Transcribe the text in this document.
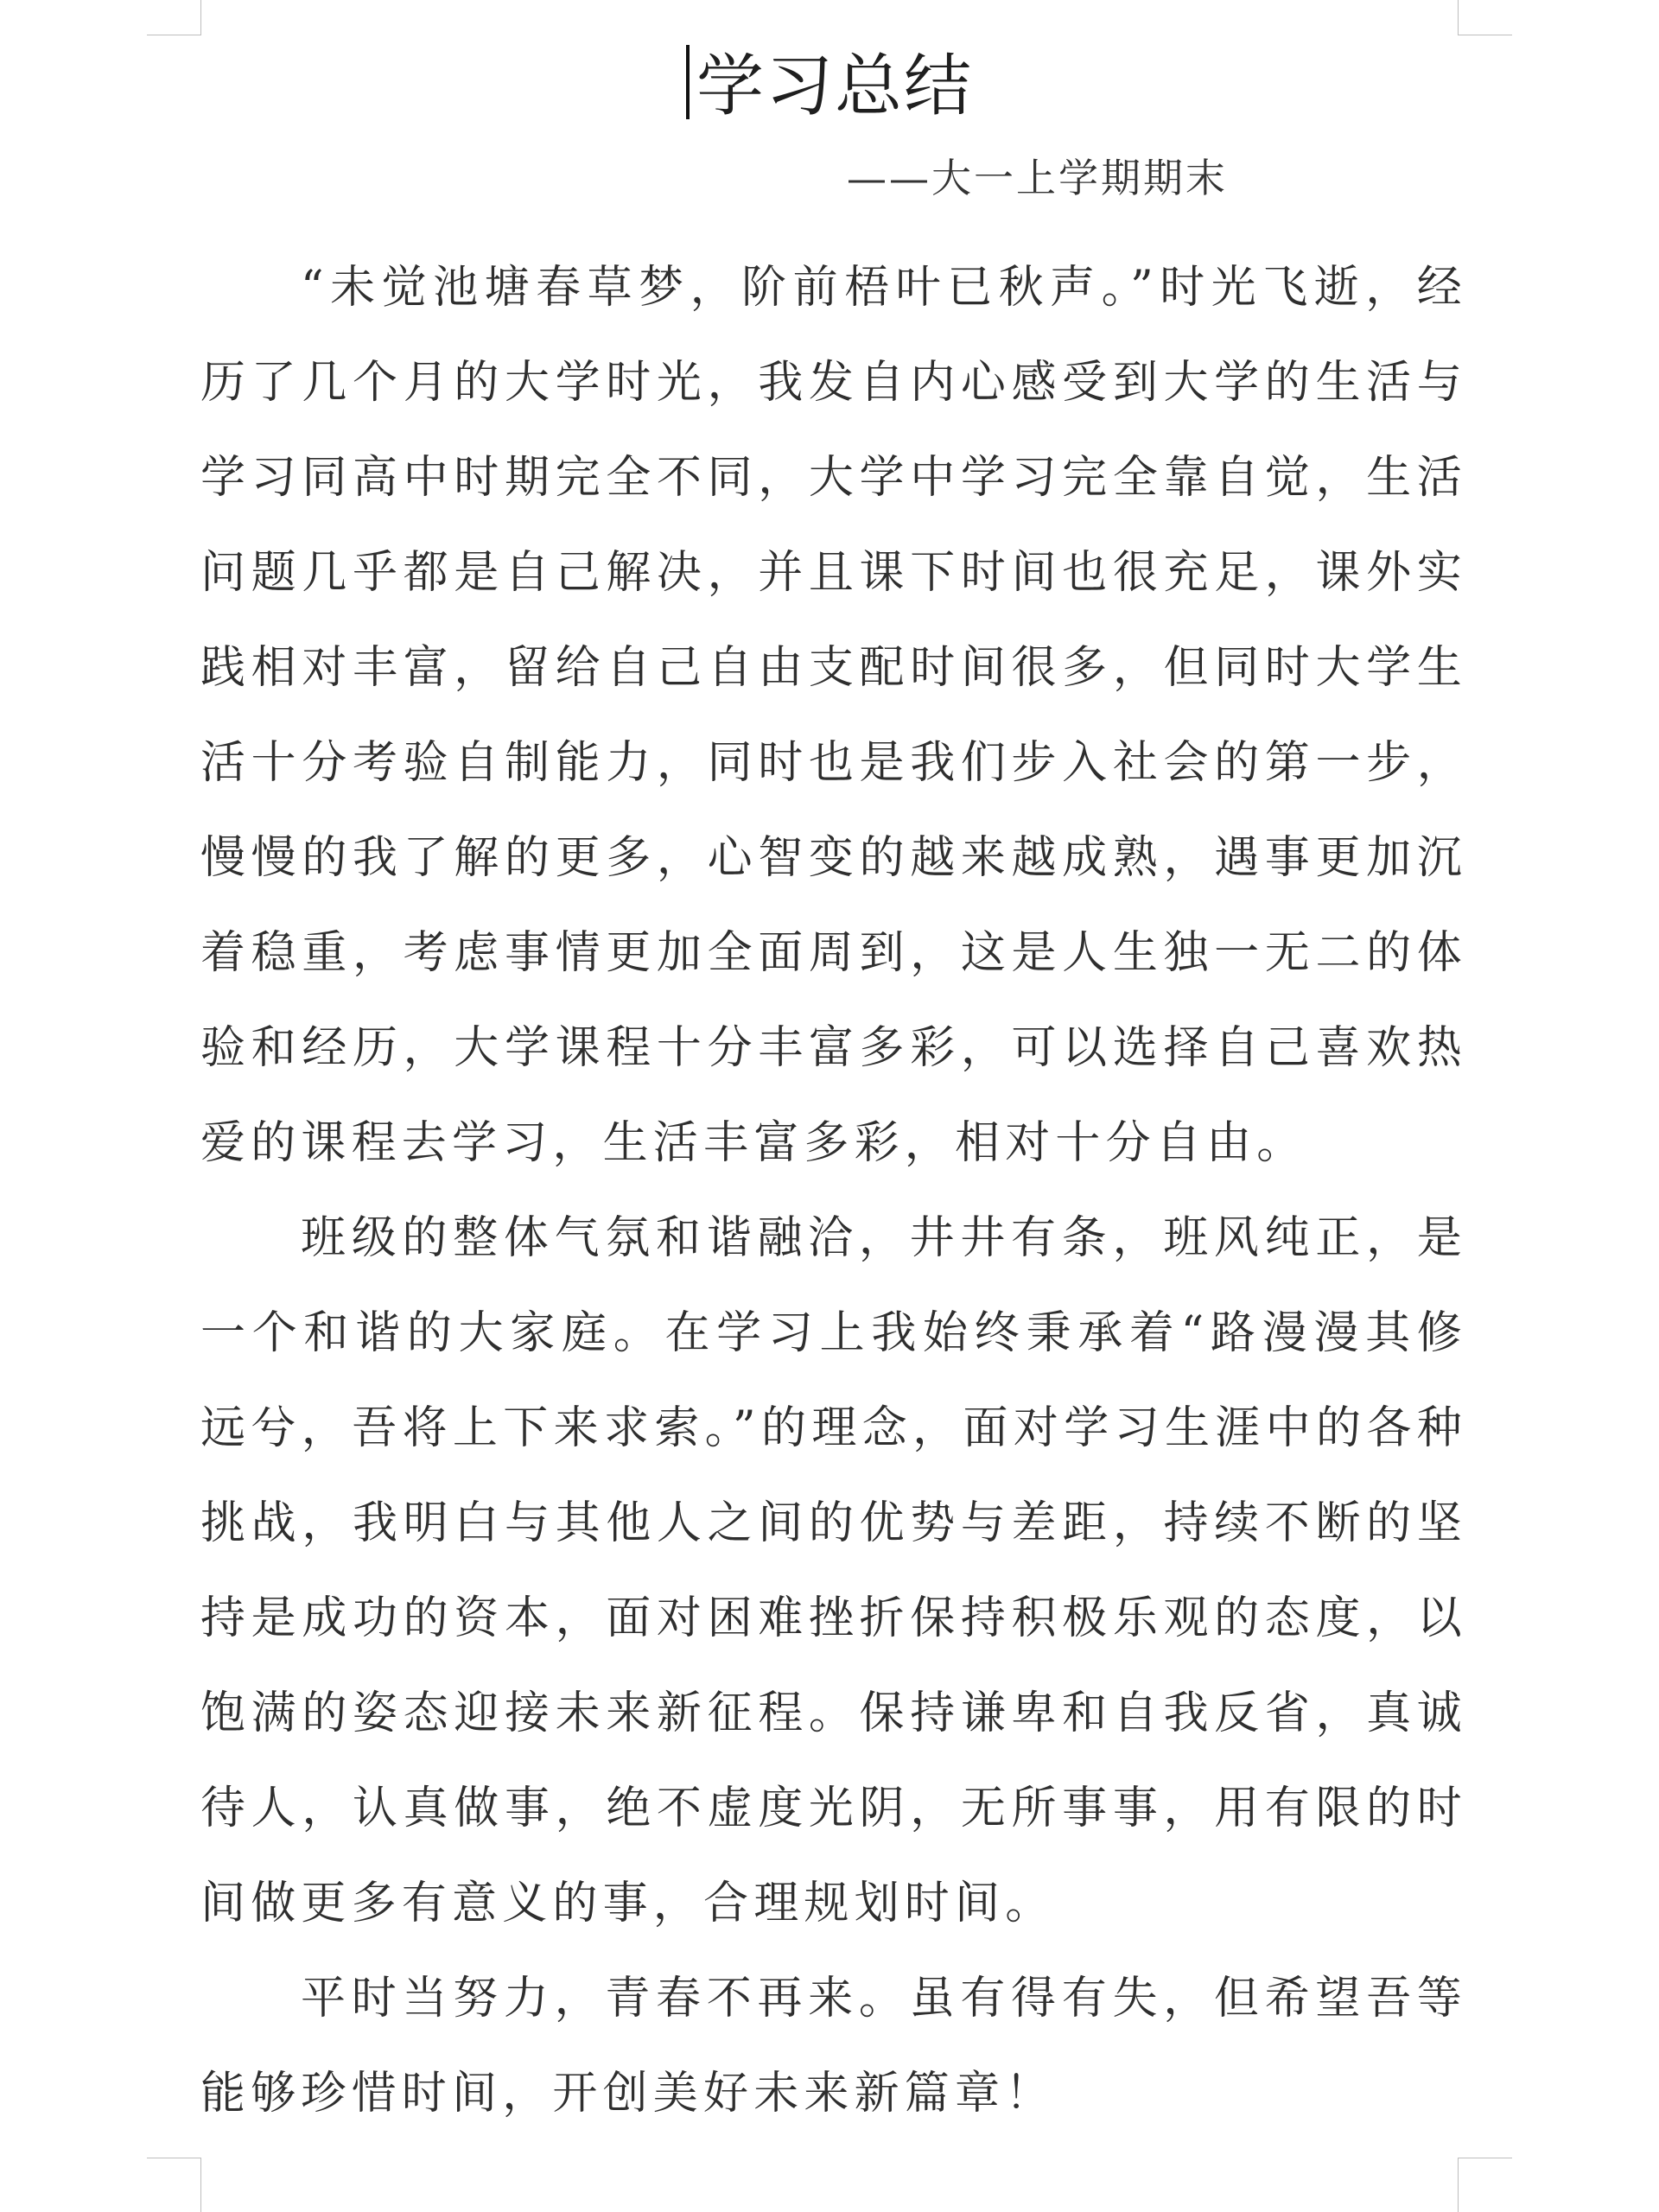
学习总结
——大一上学期期末

“未觉池塘春草梦，阶前梧叶已秋声。”时光飞逝，经历了几个月的大学时光，我发自内心感受到大学的生活与学习同高中时期完全不同，大学中学习完全靠自觉，生活问题几乎都是自己解决，并且课下时间也很充足，课外实践相对丰富，留给自己自由支配时间很多，但同时大学生活十分考验自制能力，同时也是我们步入社会的第一步，慢慢的我了解的更多，心智变的越来越成熟，遇事更加沉着稳重，考虑事情更加全面周到，这是人生独一无二的体验和经历，大学课程十分丰富多彩，可以选择自己喜欢热爱的课程去学习，生活丰富多彩，相对十分自由。

班级的整体气氛和谐融洽，井井有条，班风纯正，是一个和谐的大家庭。在学习上我始终秉承着“路漫漫其修远兮，吾将上下来求索。”的理念，面对学习生涯中的各种挑战，我明白与其他人之间的优势与差距，持续不断的坚持是成功的资本，面对困难挫折保持积极乐观的态度，以饱满的姿态迎接未来新征程。保持谦卑和自我反省，真诚待人，认真做事，绝不虚度光阴，无所事事，用有限的时间做更多有意义的事，合理规划时间。

平时当努力，青春不再来。虽有得有失，但希望吾等能够珍惜时间，开创美好未来新篇章！
